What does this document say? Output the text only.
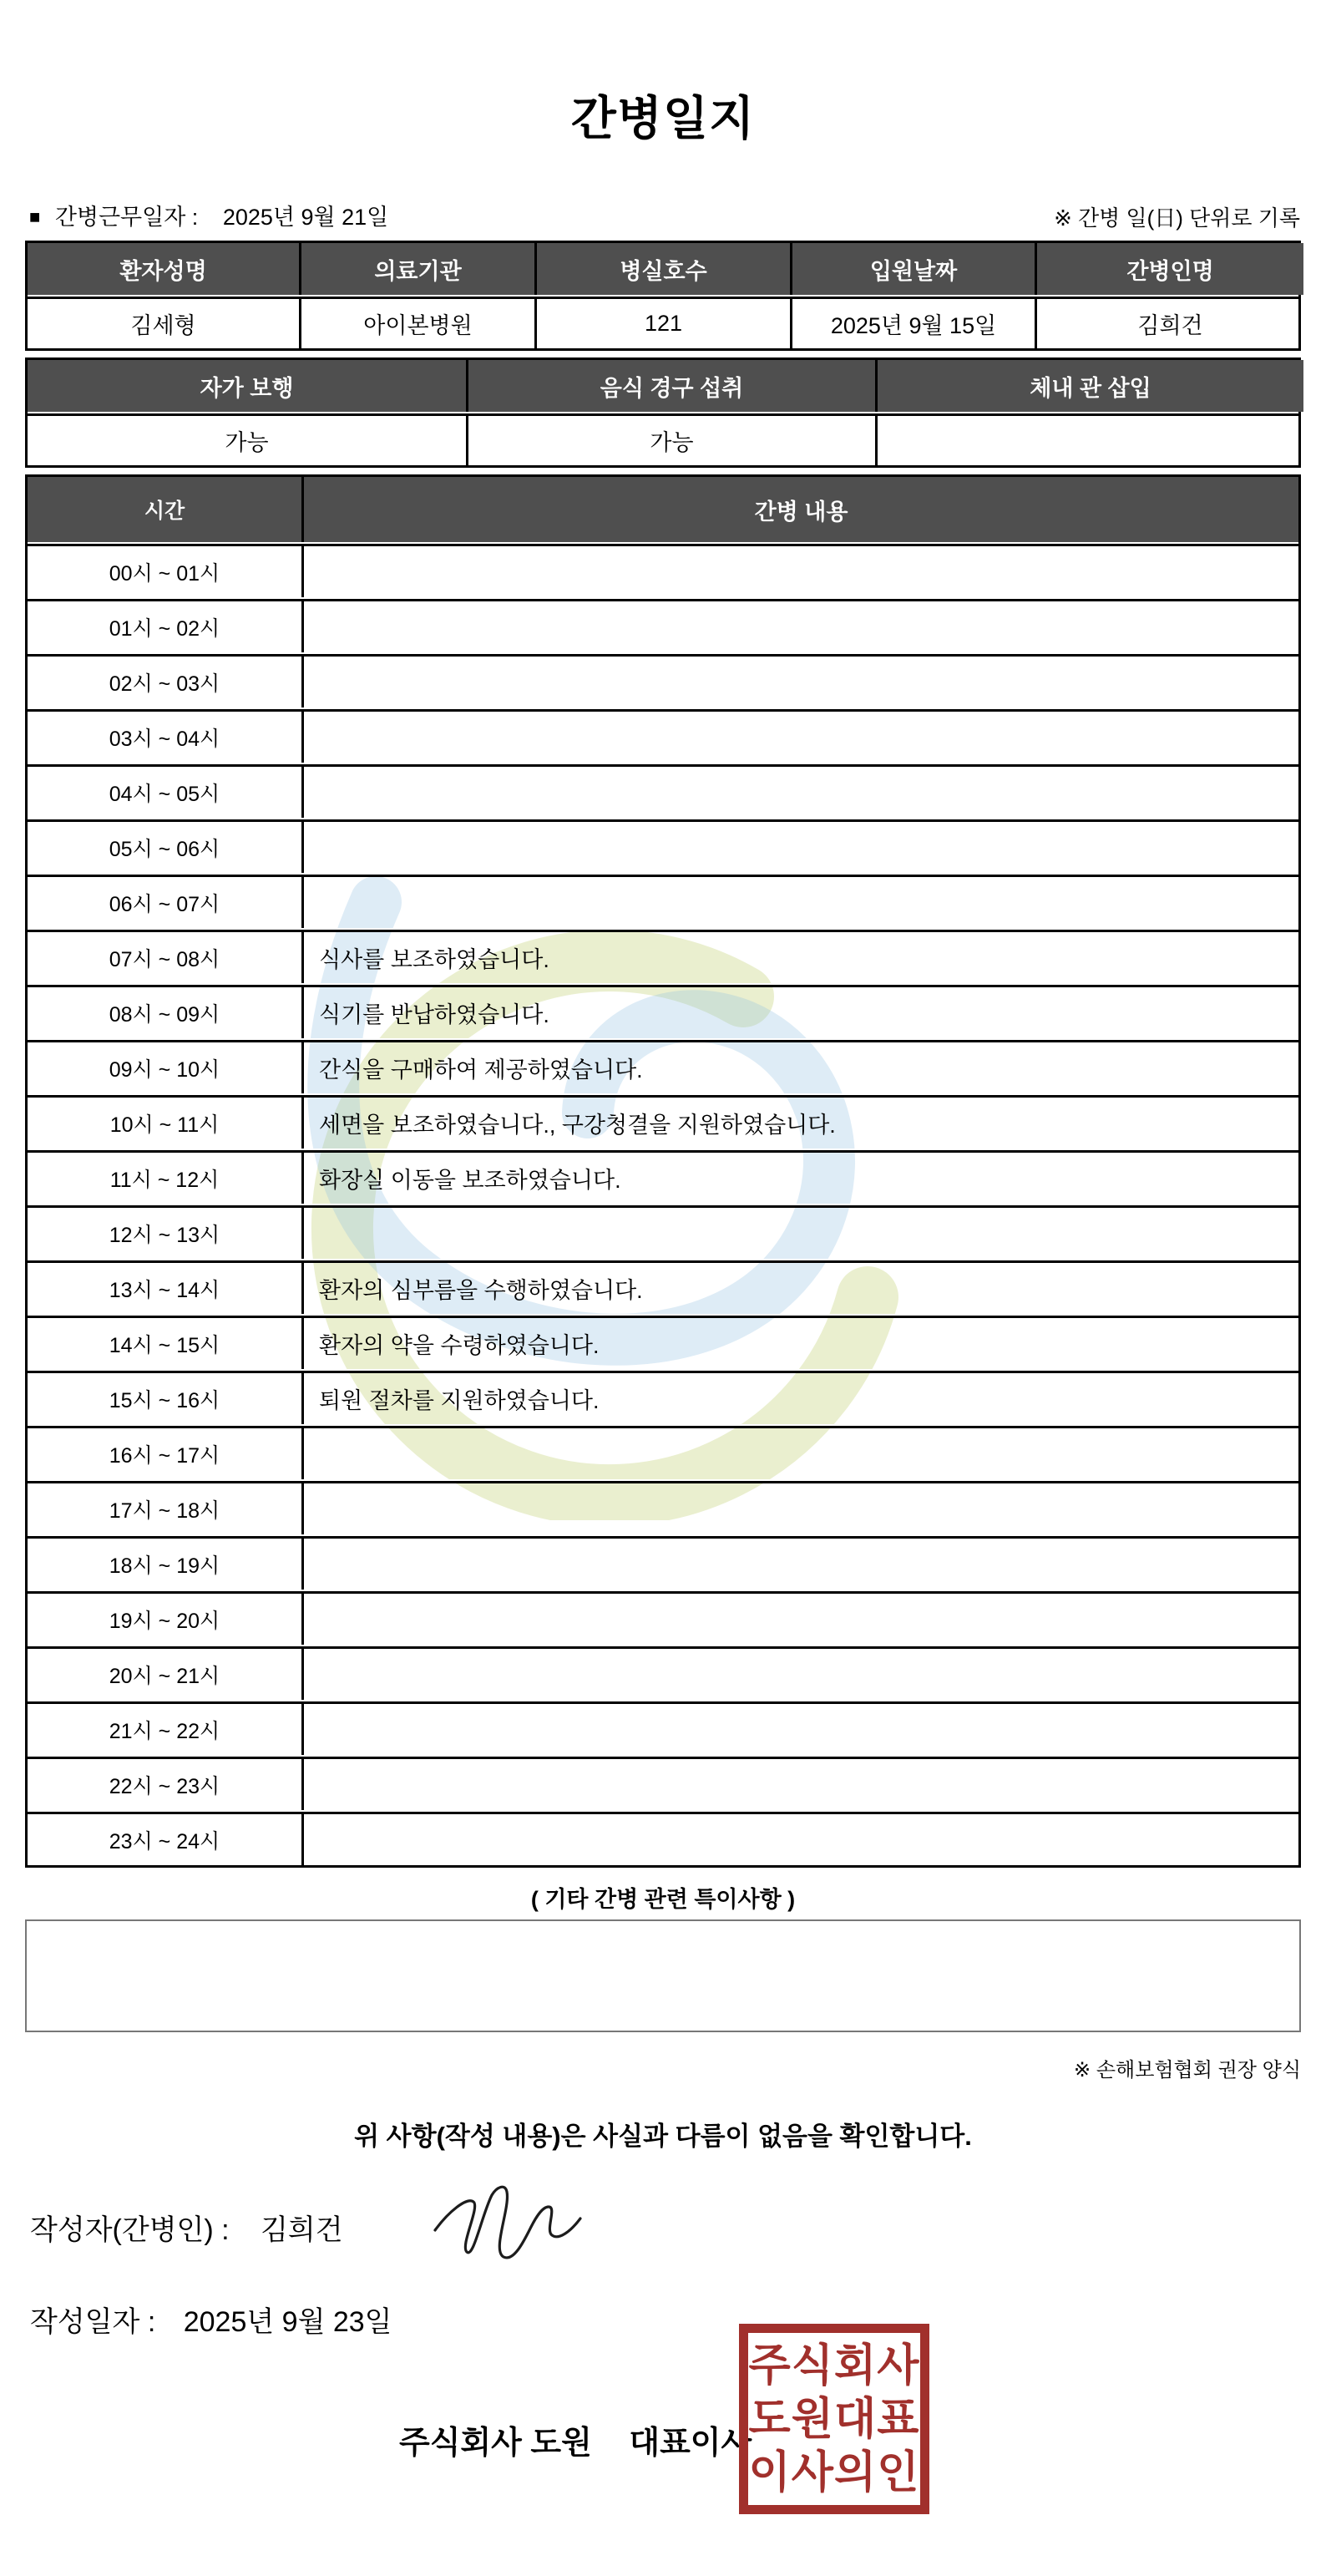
간병일지
■ 간병근무일자 : 2025년 9월 21일	※ 간병 일(日) 단위로 기록
환자성명	의료기관	병실호수	입원날짜	간병인명
김세형	아이본병원	121	2025년 9월 15일	김희건
자가 보행	음식 경구 섭취	체내 관 삽입
가능	가능
시간	간병 내용
00시 ~ 01시
01시 ~ 02시
02시 ~ 03시
03시 ~ 04시
04시 ~ 05시
05시 ~ 06시
06시 ~ 07시
07시 ~ 08시	식사를 보조하였습니다.
08시 ~ 09시	식기를 반납하였습니다.
09시 ~ 10시	간식을 구매하여 제공하였습니다.
10시 ~ 11시	세면을 보조하였습니다., 구강청결을 지원하였습니다.
11시 ~ 12시	화장실 이동을 보조하였습니다.
12시 ~ 13시
13시 ~ 14시	환자의 심부름을 수행하였습니다.
14시 ~ 15시	환자의 약을 수령하였습니다.
15시 ~ 16시	퇴원 절차를 지원하였습니다.
16시 ~ 17시
17시 ~ 18시
18시 ~ 19시
19시 ~ 20시
20시 ~ 21시
21시 ~ 22시
22시 ~ 23시
23시 ~ 24시
( 기타 간병 관련 특이사항 )
※ 손해보험협회 권장 양식
위 사항(작성 내용)은 사실과 다름이 없음을 확인합니다.
작성자(간병인) : 김희건
작성일자 : 2025년 9월 23일
주식회사 도원 대표이사
주식회사
도원대표
이사의인
